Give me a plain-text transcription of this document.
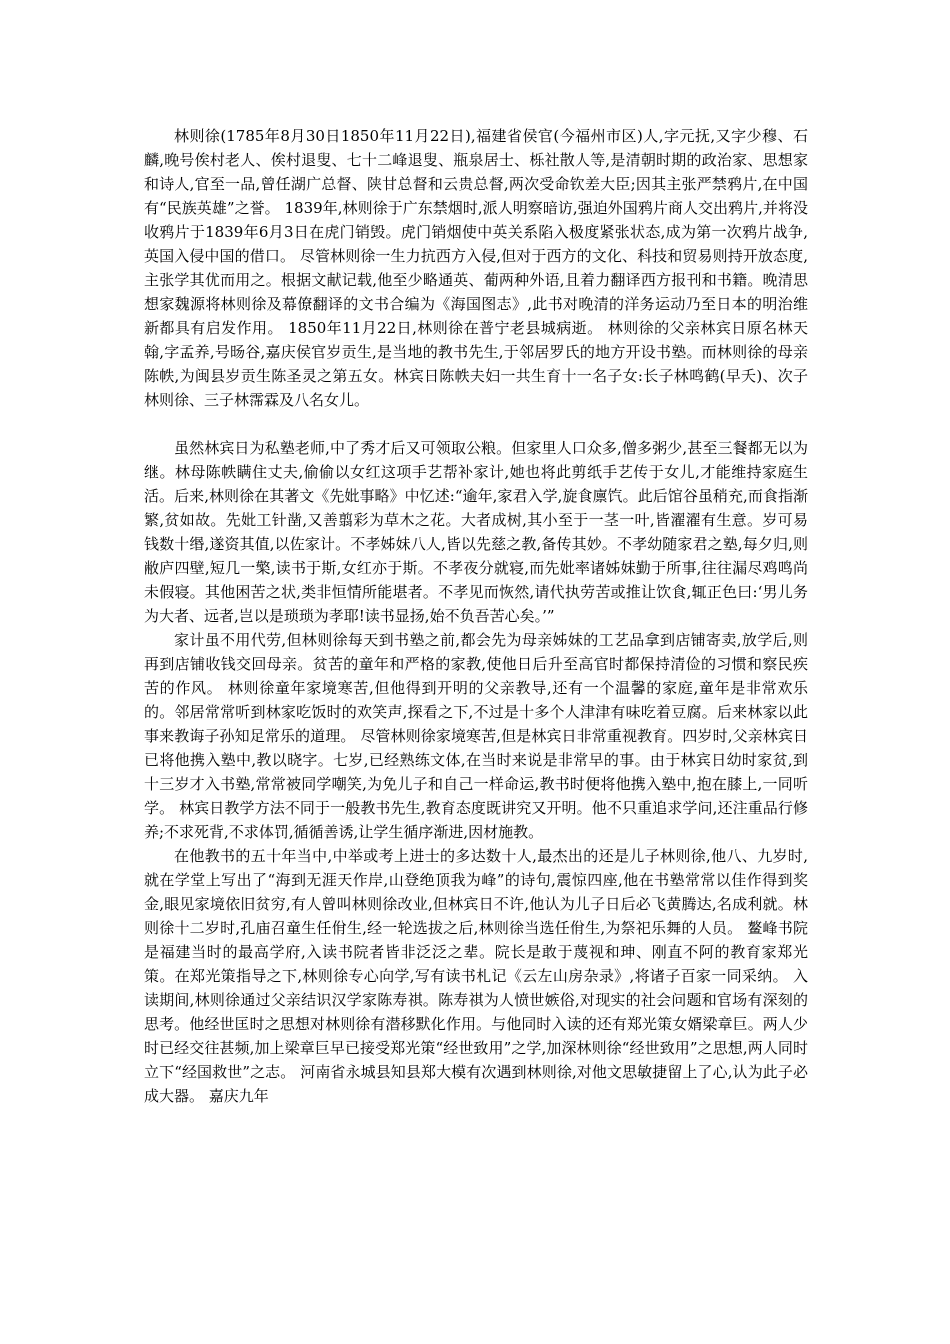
林则徐(1785年8月30日1850年11月22日),福建省侯官(今福州市区)人,字元抚,又字少穆、石麟,晚号俟村老人、俟村退叟、七十二峰退叟、瓶泉居士、栎社散人等,是清朝时期的政治家、思想家和诗人,官至一品,曾任湖广总督、陕甘总督和云贵总督,两次受命钦差大臣;因其主张严禁鸦片,在中国有“民族英雄”之誉。 1839年,林则徐于广东禁烟时,派人明察暗访,强迫外国鸦片商人交出鸦片,并将没收鸦片于1839年6月3日在虎门销毁。虎门销烟使中英关系陷入极度紧张状态,成为第一次鸦片战争,英国入侵中国的借口。 尽管林则徐一生力抗西方入侵,但对于西方的文化、科技和贸易则持开放态度,主张学其优而用之。根据文献记载,他至少略通英、葡两种外语,且着力翻译西方报刊和书籍。晚清思想家魏源将林则徐及幕僚翻译的文书合编为《海国图志》,此书对晚清的洋务运动乃至日本的明治维新都具有启发作用。 1850年11月22日,林则徐在普宁老县城病逝。 林则徐的父亲林宾日原名林天翰,字孟养,号旸谷,嘉庆侯官岁贡生,是当地的教书先生,于邻居罗氏的地方开设书塾。而林则徐的母亲陈帙,为闽县岁贡生陈圣灵之第五女。林宾日陈帙夫妇一共生育十一名子女:长子林鸣鹤(早夭)、次子林则徐、三子林霈霖及八名女儿。

虽然林宾日为私塾老师,中了秀才后又可领取公粮。但家里人口众多,僧多粥少,甚至三餐都无以为继。林母陈帙瞒住丈夫,偷偷以女红这项手艺帮补家计,她也将此剪纸手艺传于女儿,才能维持家庭生活。后来,林则徐在其著文《先妣事略》中忆述:“逾年,家君入学,旋食廪饩。此后馆谷虽稍充,而食指渐繁,贫如故。先妣工针凿,又善翦彩为草木之花。大者成树,其小至于一茎一叶,皆濯濯有生意。岁可易钱数十缗,遂资其值,以佐家计。不孝姊妹八人,皆以先慈之教,备传其妙。不孝幼随家君之塾,每夕归,则敝庐四壁,短几一檠,读书于斯,女红亦于斯。不孝夜分就寝,而先妣率诸姊妹勤于所事,往往漏尽鸡鸣尚未假寝。其他困苦之状,类非恒情所能堪者。不孝见而恢然,请代执劳苦或推让饮食,辄正色曰:‘男儿务为大者、远者,岂以是琐琐为孝耶!读书显扬,始不负吾苦心矣。’”

家计虽不用代劳,但林则徐每天到书塾之前,都会先为母亲姊妹的工艺品拿到店铺寄卖,放学后,则再到店铺收钱交回母亲。贫苦的童年和严格的家教,使他日后升至高官时都保持清俭的习惯和察民疾苦的作风。 林则徐童年家境寒苦,但他得到开明的父亲教导,还有一个温馨的家庭,童年是非常欢乐的。邻居常常听到林家吃饭时的欢笑声,探看之下,不过是十多个人津津有味吃着豆腐。后来林家以此事来教诲子孙知足常乐的道理。 尽管林则徐家境寒苦,但是林宾日非常重视教育。四岁时,父亲林宾日已将他携入塾中,教以晓字。七岁,已经熟练文体,在当时来说是非常早的事。由于林宾日幼时家贫,到十三岁才入书塾,常常被同学嘲笑,为免儿子和自己一样命运,教书时便将他携入塾中,抱在膝上,一同听学。 林宾日教学方法不同于一般教书先生,教育态度既讲究又开明。他不只重追求学问,还注重品行修养;不求死背,不求体罚,循循善诱,让学生循序渐进,因材施教。

在他教书的五十年当中,中举或考上进士的多达数十人,最杰出的还是儿子林则徐,他八、九岁时,就在学堂上写出了“海到无涯天作岸,山登绝顶我为峰”的诗句,震惊四座,他在书塾常常以佳作得到奖金,眼见家境依旧贫穷,有人曾叫林则徐改业,但林宾日不许,他认为儿子日后必飞黄腾达,名成利就。林则徐十二岁时,孔庙召童生任佾生,经一轮选拔之后,林则徐当选任佾生,为祭祀乐舞的人员。 鳌峰书院是福建当时的最高学府,入读书院者皆非泛泛之辈。院长是敢于蔑视和珅、刚直不阿的教育家郑光策。在郑光策指导之下,林则徐专心向学,写有读书札记《云左山房杂录》,将诸子百家一同采纳。 入读期间,林则徐通过父亲结识汉学家陈寿祺。陈寿祺为人愤世嫉俗,对现实的社会问题和官场有深刻的思考。他经世匡时之思想对林则徐有潜移默化作用。与他同时入读的还有郑光策女婿梁章巨。两人少时已经交往甚频,加上梁章巨早已接受郑光策“经世致用”之学,加深林则徐“经世致用”之思想,两人同时立下“经国救世”之志。 河南省永城县知县郑大模有次遇到林则徐,对他文思敏捷留上了心,认为此子必成大器。 嘉庆九年
